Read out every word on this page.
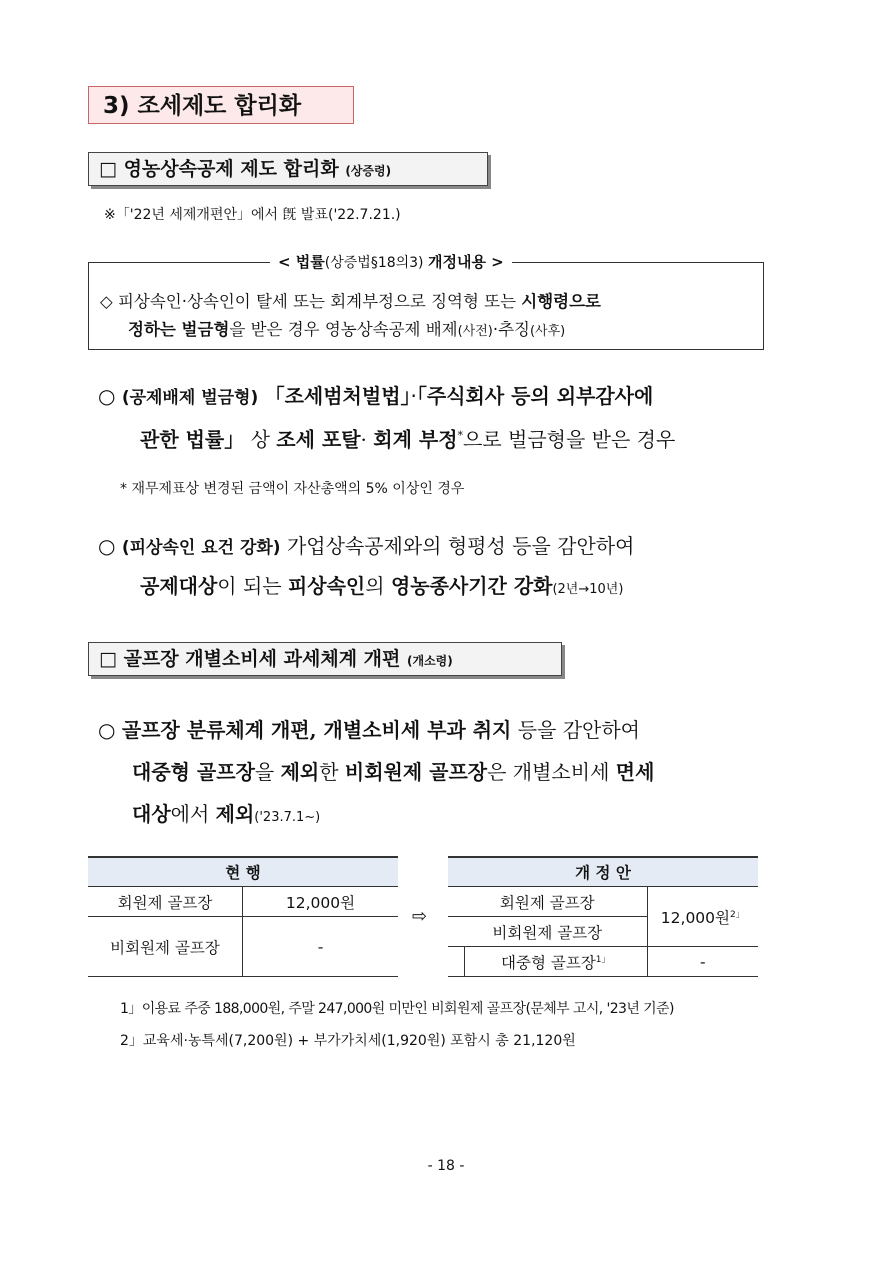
3) 조세제도 합리화
□ 영농상속공제 제도 합리화 (상증령)
※「'22년 세제개편안」에서 旣 발표('22.7.21.)
< 법률(상증법§18의3) 개정내용 >
◇ 피상속인·상속인이 탈세 또는 회계부정으로 징역형 또는 시행령으로
정하는 벌금형을 받은 경우 영농상속공제 배제(사전)·추징(사후)
○ (공제배제 벌금형) 「조세범처벌법」·「주식회사 등의 외부감사에
관한 법률」 상 조세 포탈· 회계 부정*으로 벌금형을 받은 경우
* 재무제표상 변경된 금액이 자산총액의 5% 이상인 경우
○ (피상속인 요건 강화) 가업상속공제와의 형평성 등을 감안하여
공제대상이 되는 피상속인의 영농종사기간 강화(2년→10년)
□ 골프장 개별소비세 과세체계 개편 (개소령)
○ 골프장 분류체계 개편, 개별소비세 부과 취지 등을 감안하여
대중형 골프장을 제외한 비회원제 골프장은 개별소비세 면세
대상에서 제외('23.7.1~)
현 행	
회원제 골프장	12,000원
비회원제 골프장	-
⇨
개 정 안		
회원제 골프장		12,000원$^{2」}$
비회원제 골프장		
	대중형 골프장$^{1」}$	-
1」이용료 주중 188,000원, 주말 247,000원 미만인 비회원제 골프장(문체부 고시, '23년 기준)
2」교육세·농특세(7,200원) + 부가가치세(1,920원) 포함시 총 21,120원
- 18 -
